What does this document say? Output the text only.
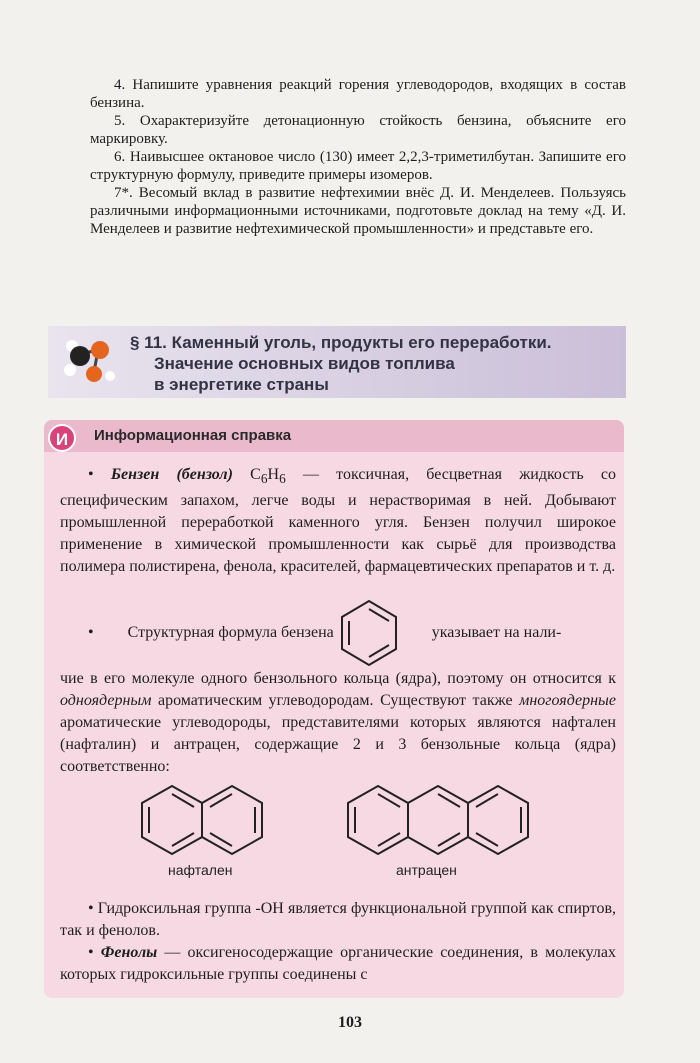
4. Напишите уравнения реакций горения углеводородов, входящих в состав бензина.

5. Охарактеризуйте детонационную стойкость бензина, объясните его маркировку.

6. Наивысшее октановое число (130) имеет 2,2,3-триметилбутан. Запишите его структурную формулу, приведите примеры изомеров.

7*. Весомый вклад в развитие нефтехимии внёс Д. И. Менделеев. Пользуясь различными информационными источниками, подготовьте доклад на тему «Д. И. Менделеев и развитие нефтехимической промышленности» и представьте его.

§ 11. Каменный уголь, продукты его переработки.
Значение основных видов топлива
в энергетике страны
И	Информационная справка

• Бензен (бензол) $C_6H_6$ — токсичная, бесцветная жидкость со специфическим запахом, легче воды и нерастворимая в ней. Добывают промышленной переработкой каменного угля. Бензен получил широкое применение в химической промышленности как сырьё для производства полимера полистирена, фенола, красителей, фармацевтических препаратов и т. д.

•	Структурная формула бензена	указывает на нали-

чие в его молекуле одного бензольного кольца (ядра), поэтому он относится к одноядерным ароматическим углеводородам. Существуют также многоядерные ароматические углеводороды, представителями которых являются нафтален (нафталин) и антрацен, содержащие 2 и 3 бензольные кольца (ядра) соответственно:

нафтален	антрацен

• Гидроксильная группа -ОН является функциональной группой как спиртов, так и фенолов.

• Фенолы — оксигеносодержащие органические соединения, в молекулах которых гидроксильные группы соединены с

103
